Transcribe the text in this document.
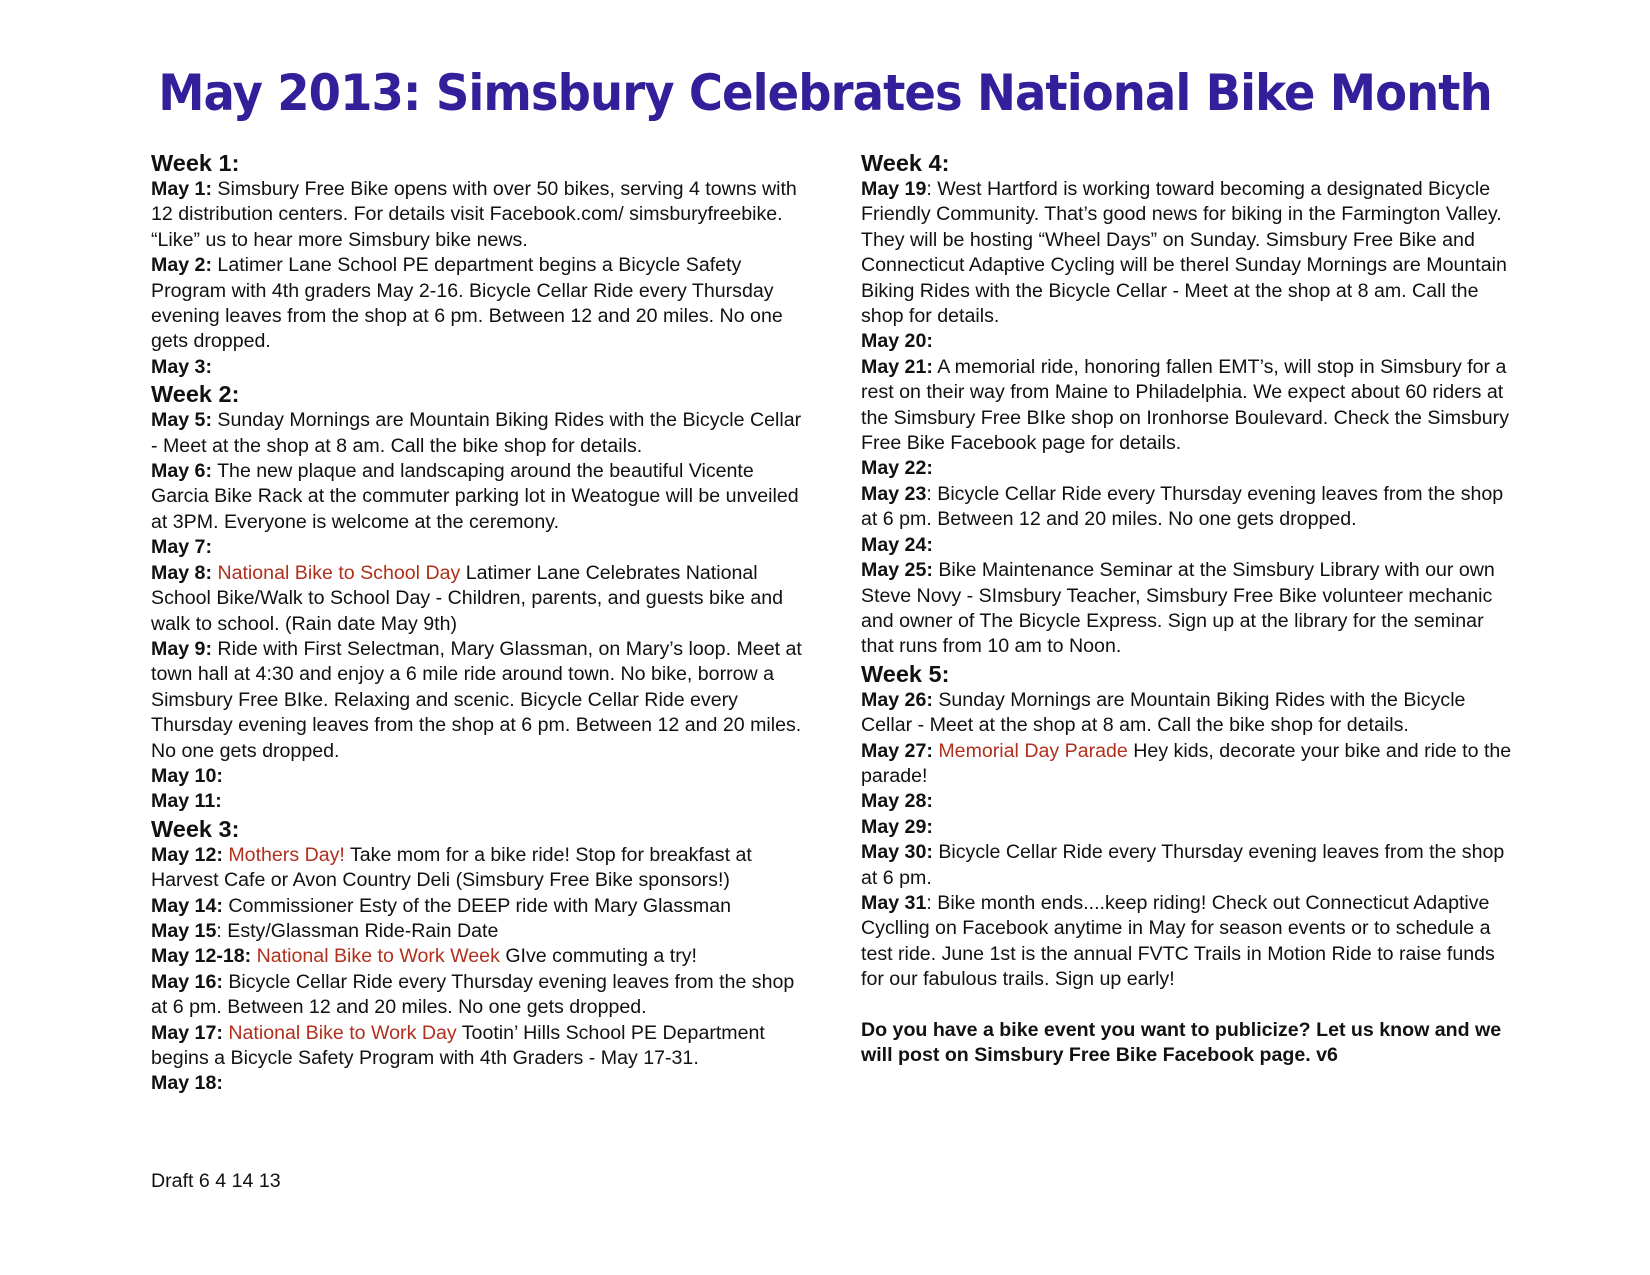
May 2013: Simsbury Celebrates National Bike Month
Week 1:

May 1: Simsbury Free Bike opens with over 50 bikes, serving 4 towns with 12 distribution centers. For details visit Facebook.com/ simsburyfreebike. “Like” us to hear more Simsbury bike news.

May 2: Latimer Lane School PE department begins a Bicycle Safety Program with 4th graders May 2-16. Bicycle Cellar Ride every Thursday evening leaves from the shop at 6 pm. Between 12 and 20 miles. No one gets dropped.

May 3:

Week 2:

May 5: Sunday Mornings are Mountain Biking Rides with the Bicycle Cellar - Meet at the shop at 8 am. Call the bike shop for details.

May 6: The new plaque and landscaping around the beautiful Vicente Garcia Bike Rack at the commuter parking lot in Weatogue will be unveiled at 3PM. Everyone is welcome at the ceremony.

May 7:

May 8: National Bike to School Day Latimer Lane Celebrates National School Bike/Walk to School Day - Children, parents, and guests bike and walk to school. (Rain date May 9th)

May 9: Ride with First Selectman, Mary Glassman, on Mary’s loop. Meet at town hall at 4:30 and enjoy a 6 mile ride around town. No bike, borrow a Simsbury Free BIke. Relaxing and scenic. Bicycle Cellar Ride every Thursday evening leaves from the shop at 6 pm. Between 12 and 20 miles. No one gets dropped.

May 10:

May 11:

Week 3:

May 12: Mothers Day! Take mom for a bike ride! Stop for breakfast at Harvest Cafe or Avon Country Deli (Simsbury Free Bike sponsors!)

May 14: Commissioner Esty of the DEEP ride with Mary Glassman

May 15: Esty/Glassman Ride-Rain Date

May 12-18: National Bike to Work Week GIve commuting a try!

May 16: Bicycle Cellar Ride every Thursday evening leaves from the shop at 6 pm. Between 12 and 20 miles. No one gets dropped.

May 17: National Bike to Work Day Tootin’ Hills School PE Department begins a Bicycle Safety Program with 4th Graders - May 17-31.

May 18:

Week 4:

May 19: West Hartford is working toward becoming a designated Bicycle Friendly Community. That’s good news for biking in the Farmington Valley. They will be hosting “Wheel Days” on Sunday. Simsbury Free Bike and Connecticut Adaptive Cycling will be therel Sunday Mornings are Mountain Biking Rides with the Bicycle Cellar - Meet at the shop at 8 am. Call the shop for details.

May 20:

May 21: A memorial ride, honoring fallen EMT’s, will stop in Simsbury for a rest on their way from Maine to Philadelphia. We expect about 60 riders at the Simsbury Free BIke shop on Ironhorse Boulevard. Check the Simsbury Free Bike Facebook page for details.

May 22:

May 23: Bicycle Cellar Ride every Thursday evening leaves from the shop at 6 pm. Between 12 and 20 miles. No one gets dropped.

May 24:

May 25: Bike Maintenance Seminar at the Simsbury Library with our own Steve Novy - SImsbury Teacher, Simsbury Free Bike volunteer mechanic and owner of The Bicycle Express. Sign up at the library for the seminar that runs from 10 am to Noon.

Week 5:

May 26: Sunday Mornings are Mountain Biking Rides with the Bicycle Cellar - Meet at the shop at 8 am. Call the bike shop for details.

May 27: Memorial Day Parade Hey kids, decorate your bike and ride to the parade!

May 28:

May 29:

May 30: Bicycle Cellar Ride every Thursday evening leaves from the shop at 6 pm.

May 31: Bike month ends....keep riding! Check out Connecticut Adaptive Cyclling on Facebook anytime in May for season events or to schedule a test ride. June 1st is the annual FVTC Trails in Motion Ride to raise funds for our fabulous trails. Sign up early!

Do you have a bike event you want to publicize? Let us know and we will post on Simsbury Free Bike Facebook page. v6

Draft 6 4 14 13
